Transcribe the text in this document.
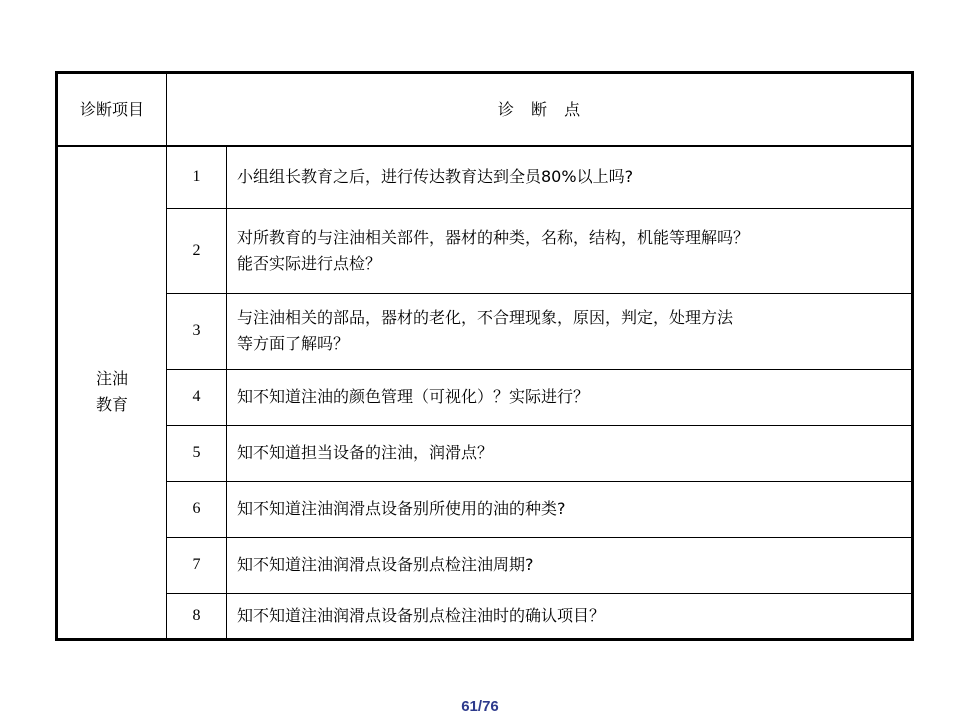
诊断项目	诊 断 点	

注油
教育	1	小组组长教育之后，进行传达教育达到全员80%以上吗?

	2	对所教育的与注油相关部件，器材的种类，名称，结构，机能等理解吗？
能否实际进行点检？

	3	与注油相关的部品，器材的老化，不合理现象，原因，判定，处理方法
等方面了解吗？

	4	知不知道注油的颜色管理（可视化）？实际进行？

	5	知不知道担当设备的注油，润滑点？

	6	知不知道注油润滑点设备别所使用的油的种类?

	7	知不知道注油润滑点设备别点检注油周期?

	8	知不知道注油润滑点设备别点检注油时的确认项目？
61/76
